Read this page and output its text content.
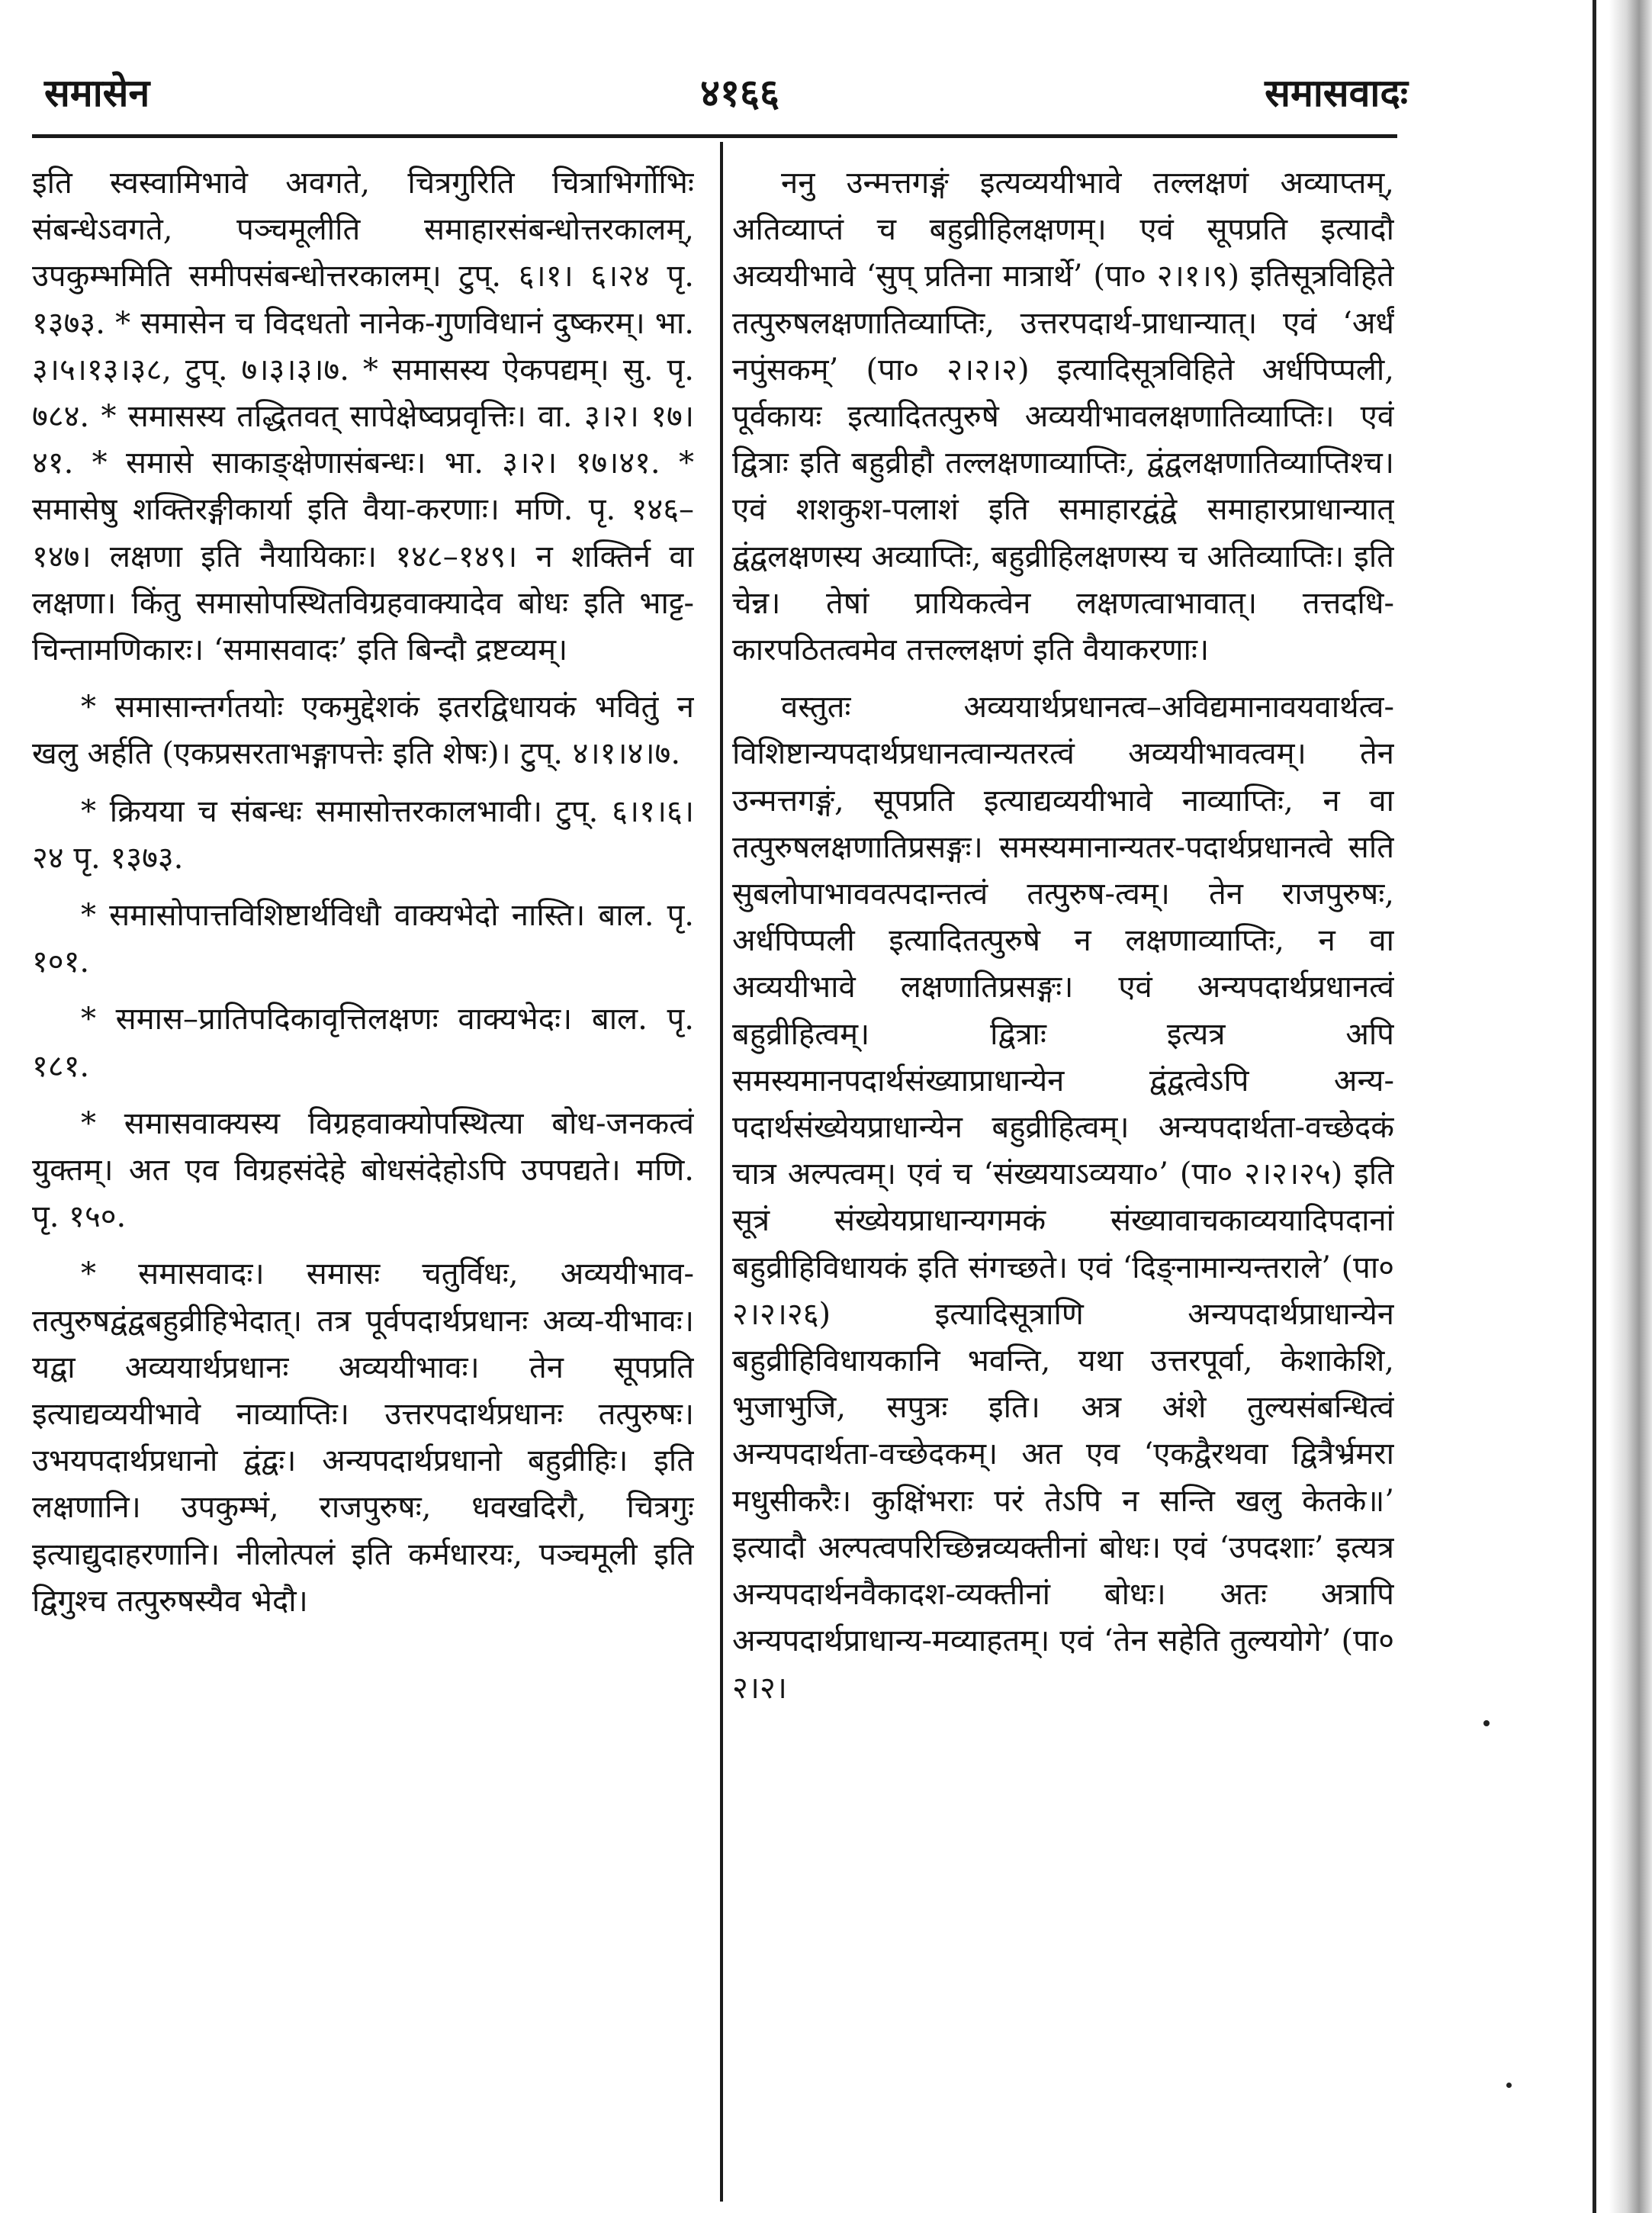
समासेन	४१६६	समासवादः

इति स्वस्वामिभावे अवगते, चित्रगुरिति चित्राभिर्गोभिः संबन्धेऽवगते, पञ्चमूलीति समाहारसंबन्धोत्तरकालम्, उपकुम्भमिति समीपसंबन्धोत्तरकालम्। टुप्. ६।१। ६।२४ पृ. १३७३. * समासेन च विदधतो नानेक-गुणविधानं दुष्करम्। भा. ३।५।१३।३८, टुप्. ७।३।३।७. * समासस्य ऐकपद्यम्। सु. पृ. ७८४. * समासस्य तद्धितवत् सापेक्षेष्वप्रवृत्तिः। वा. ३।२। १७।४१. * समासे साकाङ्क्षेणासंबन्धः। भा. ३।२। १७।४१. * समासेषु शक्तिरङ्गीकार्या इति वैया-करणाः। मणि. पृ. १४६–१४७। लक्षणा इति नैयायिकाः। १४८–१४९। न शक्तिर्न वा लक्षणा। किंतु समासोपस्थितविग्रहवाक्यादेव बोधः इति भाट्ट-चिन्तामणिकारः। ‘समासवादः’ इति बिन्दौ द्रष्टव्यम्।

* समासान्तर्गतयोः एकमुद्देशकं इतरद्विधायकं भवितुं न खलु अर्हति (एकप्रसरताभङ्गापत्तेः इति शेषः)। टुप्. ४।१।४।७.

* क्रियया च संबन्धः समासोत्तरकालभावी। टुप्. ६।१।६।२४ पृ. १३७३.

* समासोपात्तविशिष्टार्थविधौ वाक्यभेदो नास्ति। बाल. पृ. १०१.

* समास–प्रातिपदिकावृत्तिलक्षणः वाक्यभेदः। बाल. पृ. १८१.

* समासवाक्यस्य विग्रहवाक्योपस्थित्या बोध-जनकत्वं युक्तम्। अत एव विग्रहसंदेहे बोधसंदेहोऽपि उपपद्यते। मणि. पृ. १५०.

* समासवादः। समासः चतुर्विधः, अव्ययीभाव-तत्पुरुषद्वंद्वबहुव्रीहिभेदात्। तत्र पूर्वपदार्थप्रधानः अव्य-यीभावः। यद्वा अव्ययार्थप्रधानः अव्ययीभावः। तेन सूपप्रति इत्याद्यव्ययीभावे नाव्याप्तिः। उत्तरपदार्थप्रधानः तत्पुरुषः। उभयपदार्थप्रधानो द्वंद्वः। अन्यपदार्थप्रधानो बहुव्रीहिः। इति लक्षणानि। उपकुम्भं, राजपुरुषः, धवखदिरौ, चित्रगुः इत्याद्युदाहरणानि। नीलोत्पलं इति कर्मधारयः, पञ्चमूली इति द्विगुश्च तत्पुरुषस्यैव भेदौ।

ननु उन्मत्तगङ्गं इत्यव्ययीभावे तल्लक्षणं अव्याप्तम्, अतिव्याप्तं च बहुव्रीहिलक्षणम्। एवं सूपप्रति इत्यादौ अव्ययीभावे ‘सुप् प्रतिना मात्रार्थे’ (पा० २।१।९) इतिसूत्रविहिते तत्पुरुषलक्षणातिव्याप्तिः, उत्तरपदार्थ-प्राधान्यात्। एवं ‘अर्धं नपुंसकम्’ (पा० २।२।२) इत्यादिसूत्रविहिते अर्धपिप्पली, पूर्वकायः इत्यादितत्पुरुषे अव्ययीभावलक्षणातिव्याप्तिः। एवं द्वित्राः इति बहुव्रीहौ तल्लक्षणाव्याप्तिः, द्वंद्वलक्षणातिव्याप्तिश्च। एवं शशकुश-पलाशं इति समाहारद्वंद्वे समाहारप्राधान्यात् द्वंद्वलक्षणस्य अव्याप्तिः, बहुव्रीहिलक्षणस्य च अतिव्याप्तिः। इति चेन्न। तेषां प्रायिकत्वेन लक्षणत्वाभावात्। तत्तदधि-कारपठितत्वमेव तत्तल्लक्षणं इति वैयाकरणाः।

वस्तुतः अव्ययार्थप्रधानत्व–अविद्यमानावयवार्थत्व-विशिष्टान्यपदार्थप्रधानत्वान्यतरत्वं अव्ययीभावत्वम्। तेन उन्मत्तगङ्गं, सूपप्रति इत्याद्यव्ययीभावे नाव्याप्तिः, न वा तत्पुरुषलक्षणातिप्रसङ्गः। समस्यमानान्यतर-पदार्थप्रधानत्वे सति सुबलोपाभाववत्पदान्तत्वं तत्पुरुष-त्वम्। तेन राजपुरुषः, अर्धपिप्पली इत्यादितत्पुरुषे न लक्षणाव्याप्तिः, न वा अव्ययीभावे लक्षणातिप्रसङ्गः। एवं अन्यपदार्थप्रधानत्वं बहुव्रीहित्वम्। द्वित्राः इत्यत्र अपि समस्यमानपदार्थसंख्याप्राधान्येन द्वंद्वत्वेऽपि अन्य-पदार्थसंख्येयप्राधान्येन बहुव्रीहित्वम्। अन्यपदार्थता-वच्छेदकं चात्र अल्पत्वम्। एवं च ‘संख्ययाऽव्यया०’ (पा० २।२।२५) इति सूत्रं संख्येयप्राधान्यगमकं संख्यावाचकाव्ययादिपदानां बहुव्रीहिविधायकं इति संगच्छते। एवं ‘दिङ्नामान्यन्तराले’ (पा० २।२।२६) इत्यादिसूत्राणि अन्यपदार्थप्राधान्येन बहुव्रीहिविधायकानि भवन्ति, यथा उत्तरपूर्वा, केशाकेशि, भुजाभुजि, सपुत्रः इति। अत्र अंशे तुल्यसंबन्धित्वं अन्यपदार्थता-वच्छेदकम्। अत एव ‘एकद्वैरथवा द्वित्रैर्भ्रमरा मधुसीकरैः। कुक्षिंभराः परं तेऽपि न सन्ति खलु केतके॥’ इत्यादौ अल्पत्वपरिच्छिन्नव्यक्तीनां बोधः। एवं ‘उपदशाः’ इत्यत्र अन्यपदार्थनवैकादश-व्यक्तीनां बोधः। अतः अत्रापि अन्यपदार्थप्राधान्य-मव्याहतम्। एवं ‘तेन सहेति तुल्ययोगे’ (पा० २।२।
